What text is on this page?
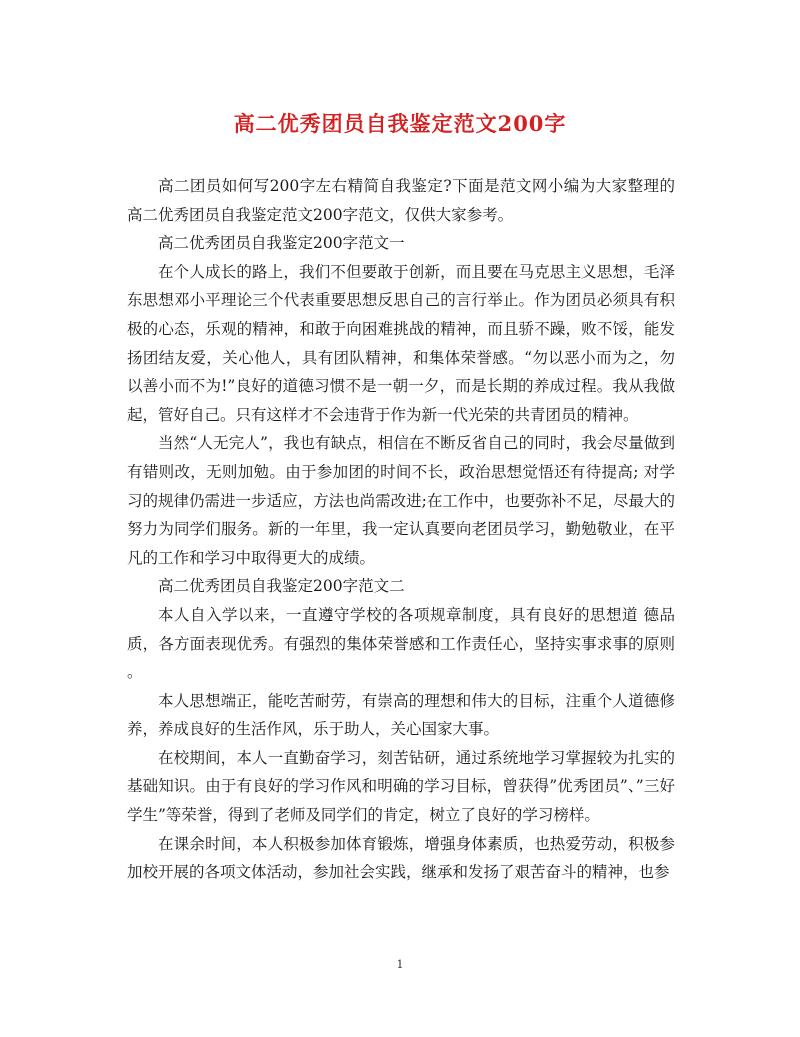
高二优秀团员自我鉴定范文200字

高二团员如何写200字左右精简自我鉴定?下面是范文网小编为大家整理的高二优秀团员自我鉴定范文200字范文，仅供大家参考。

高二优秀团员自我鉴定200字范文一

在个人成长的路上，我们不但要敢于创新，而且要在马克思主义思想，毛泽东思想邓小平理论三个代表重要思想反思自己的言行举止。作为团员必须具有积极的心态，乐观的精神，和敢于向困难挑战的精神，而且骄不躁，败不馁，能发扬团结友爱，关心他人，具有团队精神，和集体荣誉感。“勿以恶小而为之，勿以善小而不为!”良好的道德习惯不是一朝一夕，而是长期的养成过程。我从我做起，管好自己。只有这样才不会违背于作为新一代光荣的共青团员的精神。

当然“人无完人”，我也有缺点，相信在不断反省自己的同时，我会尽量做到有错则改，无则加勉。由于参加团的时间不长，政治思想觉悟还有待提高; 对学习的规律仍需进一步适应，方法也尚需改进;在工作中，也要弥补不足，尽最大的努力为同学们服务。新的一年里，我一定认真要向老团员学习，勤勉敬业，在平凡的工作和学习中取得更大的成绩。

高二优秀团员自我鉴定200字范文二

本人自入学以来，一直遵守学校的各项规章制度，具有良好的思想道 德品质，各方面表现优秀。有强烈的集体荣誉感和工作责任心，坚持实事求事的原则 。

本人思想端正，能吃苦耐劳，有崇高的理想和伟大的目标，注重个人道德修养，养成良好的生活作风，乐于助人，关心国家大事。

在校期间，本人一直勤奋学习，刻苦钻研，通过系统地学习掌握较为扎实的基础知识。由于有良好的学习作风和明确的学习目标，曾获得”优秀团员”、”三好学生”等荣誉，得到了老师及同学们的肯定，树立了良好的学习榜样。

在课余时间，本人积极参加体育锻炼，增强身体素质，也热爱劳动，积极参加校开展的各项文体活动，参加社会实践，继承和发扬了艰苦奋斗的精神，也参

1
